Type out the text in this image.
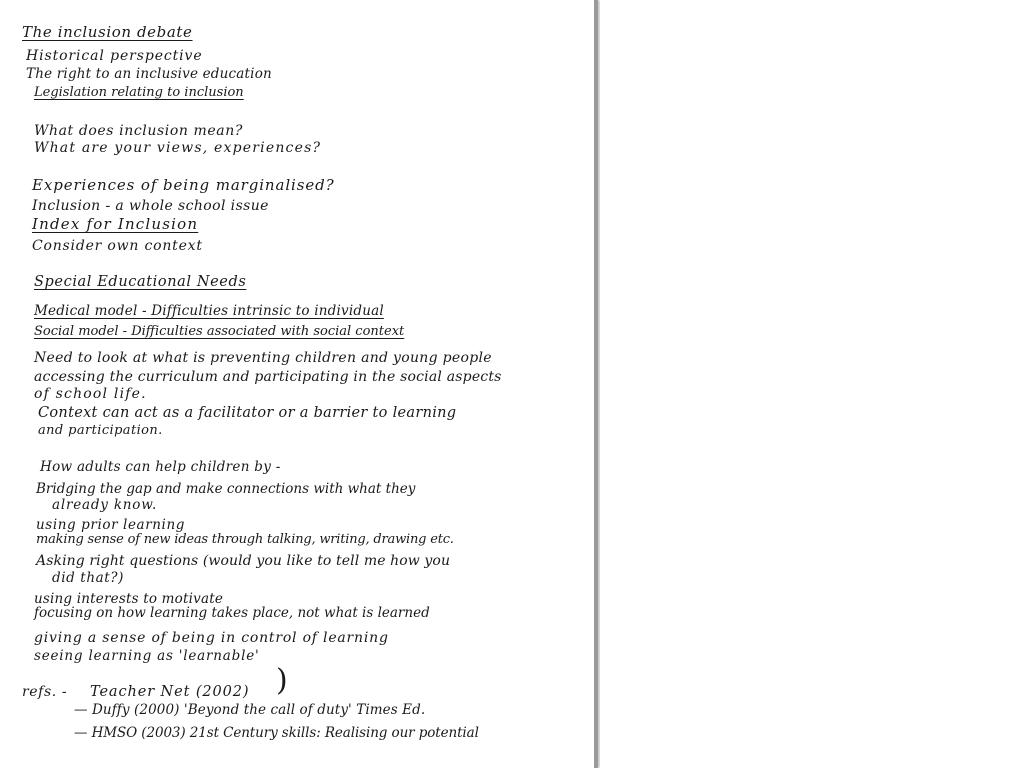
The inclusion debate

Historical perspective

The right to an inclusive education

Legislation relating to inclusion

What does inclusion mean?

What are your views, experiences?

Experiences of being marginalised?

Inclusion - a whole school issue

Index for Inclusion

Consider own context

Special Educational Needs

Medical model - Difficulties intrinsic to individual

Social model - Difficulties associated with social context

Need to look at what is preventing children and young people

accessing the curriculum and participating in the social aspects

of school life.

Context can act as a facilitator or a barrier to learning

and participation.

How adults can help children by -

Bridging the gap and make connections with what they

already know.

using prior learning

making sense of new ideas through talking, writing, drawing etc.

Asking right questions (would you like to tell me how you

did that?)

using interests to motivate

focusing on how learning takes place, not what is learned

giving a sense of being in control of learning

seeing learning as 'learnable'

refs. - Teacher Net (2002)

— Duffy (2000) 'Beyond the call of duty' Times Ed.

— HMSO (2003) 21st Century skills: Realising our potential

)
